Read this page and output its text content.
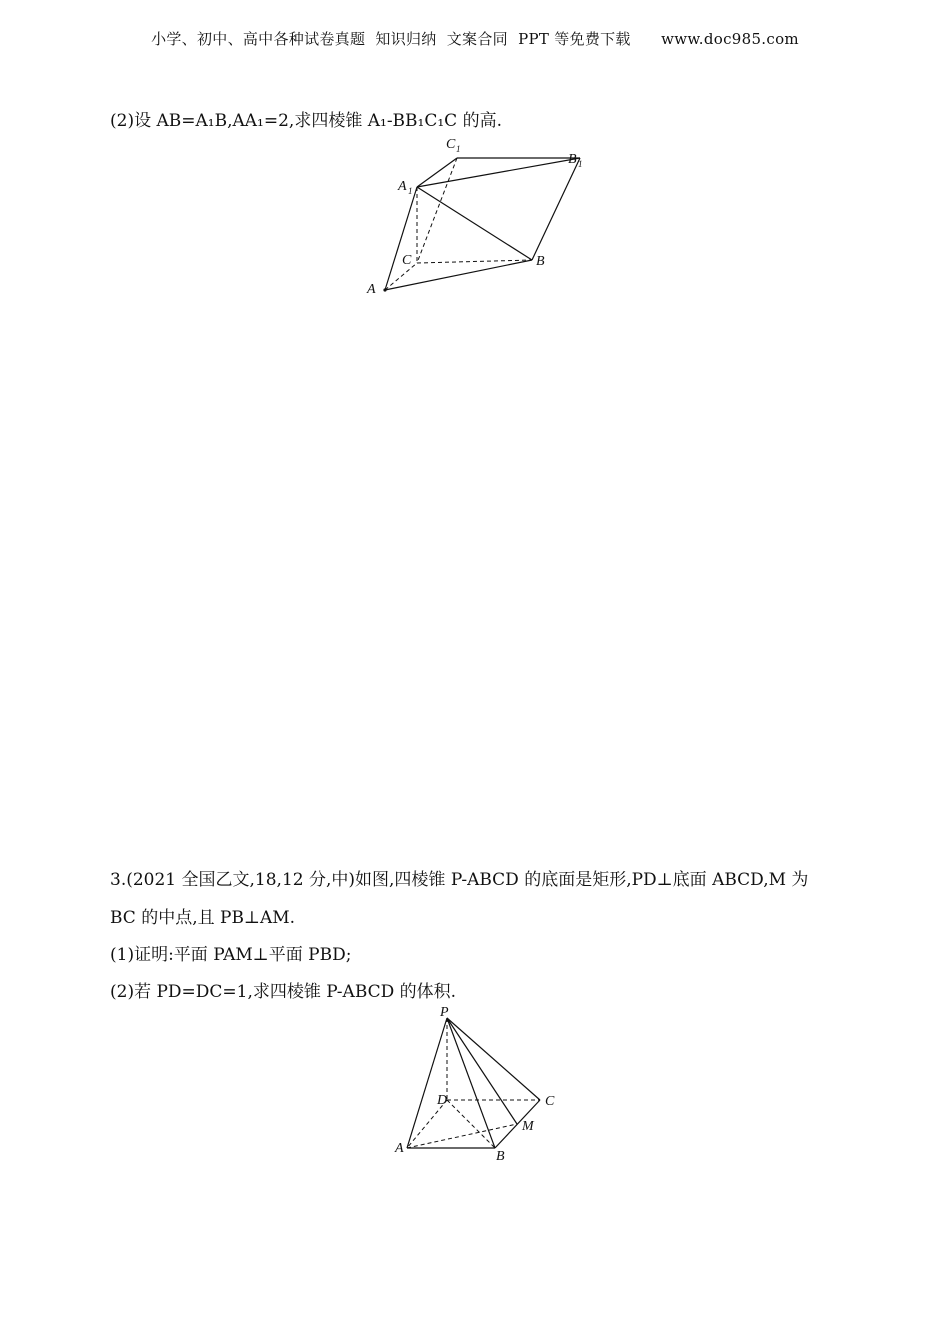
小学、初中、高中各种试卷真题  知识归纳  文案合同  PPT 等免费下载      www.doc985.com
(2)设 AB=A₁B,AA₁=2,求四棱锥 A₁-BB₁C₁C 的高.
A
B
C
A 1
B 1
C 1
3.(2021 全国乙文,18,12 分,中)如图,四棱锥 P-ABCD 的底面是矩形,PD⊥底面 ABCD,M 为
BC 的中点,且 PB⊥AM.
(1)证明:平面 PAM⊥平面 PBD;
(2)若 PD=DC=1,求四棱锥 P-ABCD 的体积.
P
A
B
C
D
M
